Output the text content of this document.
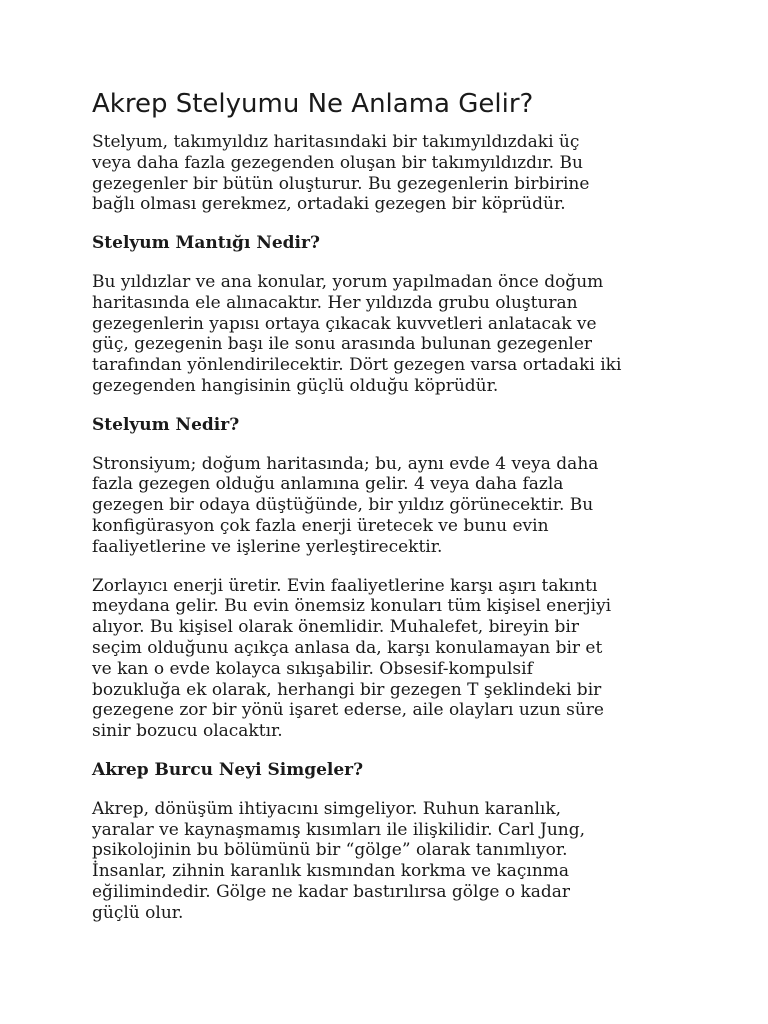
Akrep Stelyumu Ne Anlama Gelir?

Stelyum, takımyıldız haritasındaki bir takımyıldızdaki üç
veya daha fazla gezegenden oluşan bir takımyıldızdır. Bu
gezegenler bir bütün oluşturur. Bu gezegenlerin birbirine
bağlı olması gerekmez, ortadaki gezegen bir köprüdür.

Stelyum Mantığı Nedir?

Bu yıldızlar ve ana konular, yorum yapılmadan önce doğum
haritasında ele alınacaktır. Her yıldızda grubu oluşturan
gezegenlerin yapısı ortaya çıkacak kuvvetleri anlatacak ve
güç, gezegenin başı ile sonu arasında bulunan gezegenler
tarafından yönlendirilecektir. Dört gezegen varsa ortadaki iki
gezegenden hangisinin güçlü olduğu köprüdür.

Stelyum Nedir?

Stronsiyum; doğum haritasında; bu, aynı evde 4 veya daha
fazla gezegen olduğu anlamına gelir. 4 veya daha fazla
gezegen bir odaya düştüğünde, bir yıldız görünecektir. Bu
konfigürasyon çok fazla enerji üretecek ve bunu evin
faaliyetlerine ve işlerine yerleştirecektir.

Zorlayıcı enerji üretir. Evin faaliyetlerine karşı aşırı takıntı
meydana gelir. Bu evin önemsiz konuları tüm kişisel enerjiyi
alıyor. Bu kişisel olarak önemlidir. Muhalefet, bireyin bir
seçim olduğunu açıkça anlasa da, karşı konulamayan bir et
ve kan o evde kolayca sıkışabilir. Obsesif-kompulsif
bozukluğa ek olarak, herhangi bir gezegen T şeklindeki bir
gezegene zor bir yönü işaret ederse, aile olayları uzun süre
sinir bozucu olacaktır.

Akrep Burcu Neyi Simgeler?

Akrep, dönüşüm ihtiyacını simgeliyor. Ruhun karanlık,
yaralar ve kaynaşmamış kısımları ile ilişkilidir. Carl Jung,
psikolojinin bu bölümünü bir “gölge” olarak tanımlıyor.
İnsanlar, zihnin karanlık kısmından korkma ve kaçınma
eğilimindedir. Gölge ne kadar bastırılırsa gölge o kadar
güçlü olur.
